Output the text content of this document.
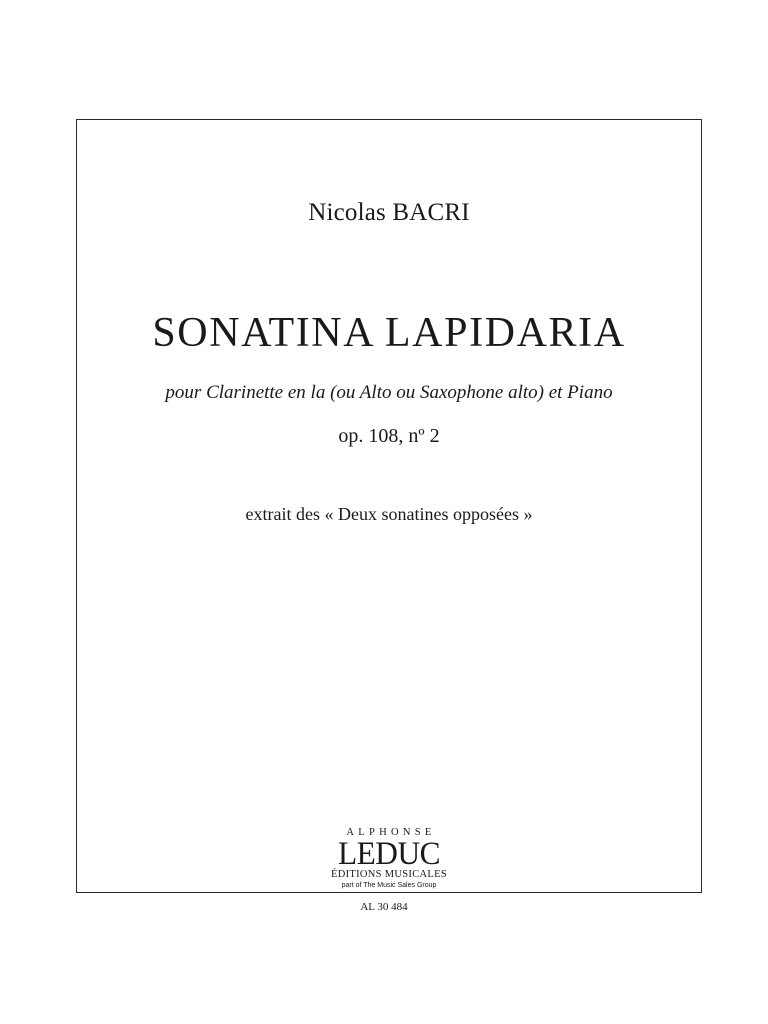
Nicolas BACRI
SONATINA LAPIDARIA
pour Clarinette en la (ou Alto ou Saxophone alto) et Piano
op. 108, nº 2
extrait des « Deux sonatines opposées »
ALPHONSE
LEDUC
ÉDITIONS MUSICALES
part of The Music Sales Group
AL 30 484
